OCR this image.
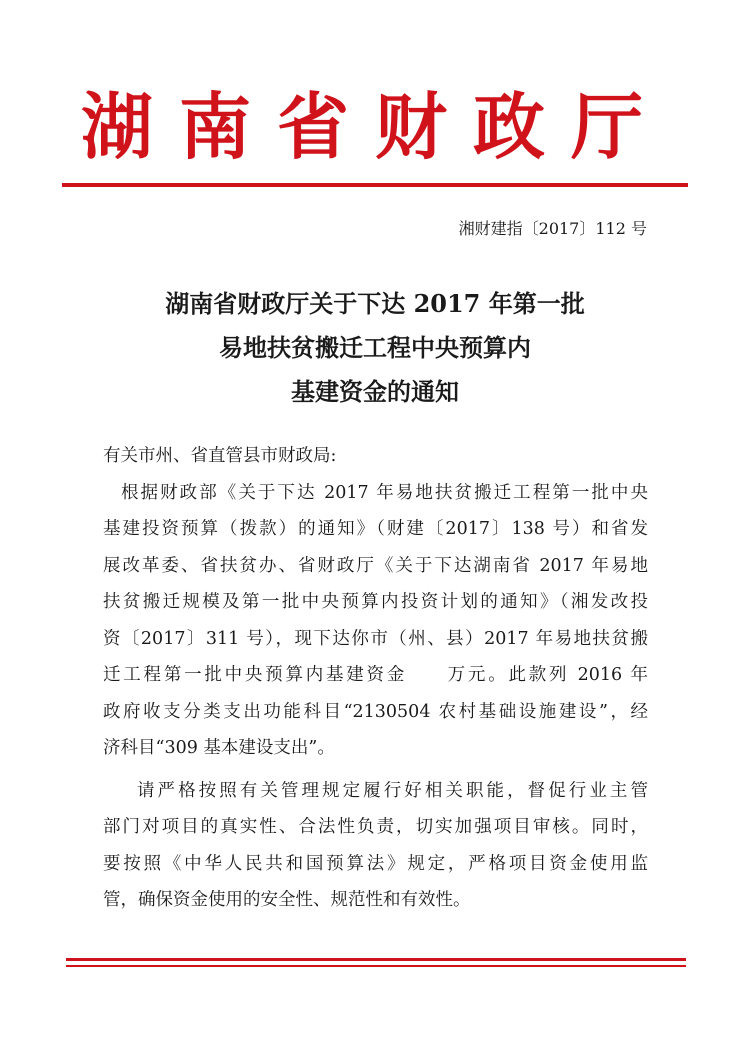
湖南省财政厅
湘财建指〔2017〕112 号
湖南省财政厅关于下达 2017 年第一批
易地扶贫搬迁工程中央预算内
基建资金的通知
有关市州、省直管县市财政局:
根据财政部《关于下达 2017 年易地扶贫搬迁工程第一批中央
基建投资预算（拨款）的通知》（财建〔2017〕138 号）和省发
展改革委、省扶贫办、省财政厅《关于下达湖南省 2017 年易地
扶贫搬迁规模及第一批中央预算内投资计划的通知》（湘发改投
资〔2017〕311 号），现下达你市（州、县）2017 年易地扶贫搬
迁工程第一批中央预算内基建资金　　万元。此款列 2016 年
政府收支分类支出功能科目“2130504 农村基础设施建设”，经
济科目“309 基本建设支出”。
请严格按照有关管理规定履行好相关职能，督促行业主管
部门对项目的真实性、合法性负责，切实加强项目审核。同时，
要按照《中华人民共和国预算法》规定，严格项目资金使用监
管，确保资金使用的安全性、规范性和有效性。
